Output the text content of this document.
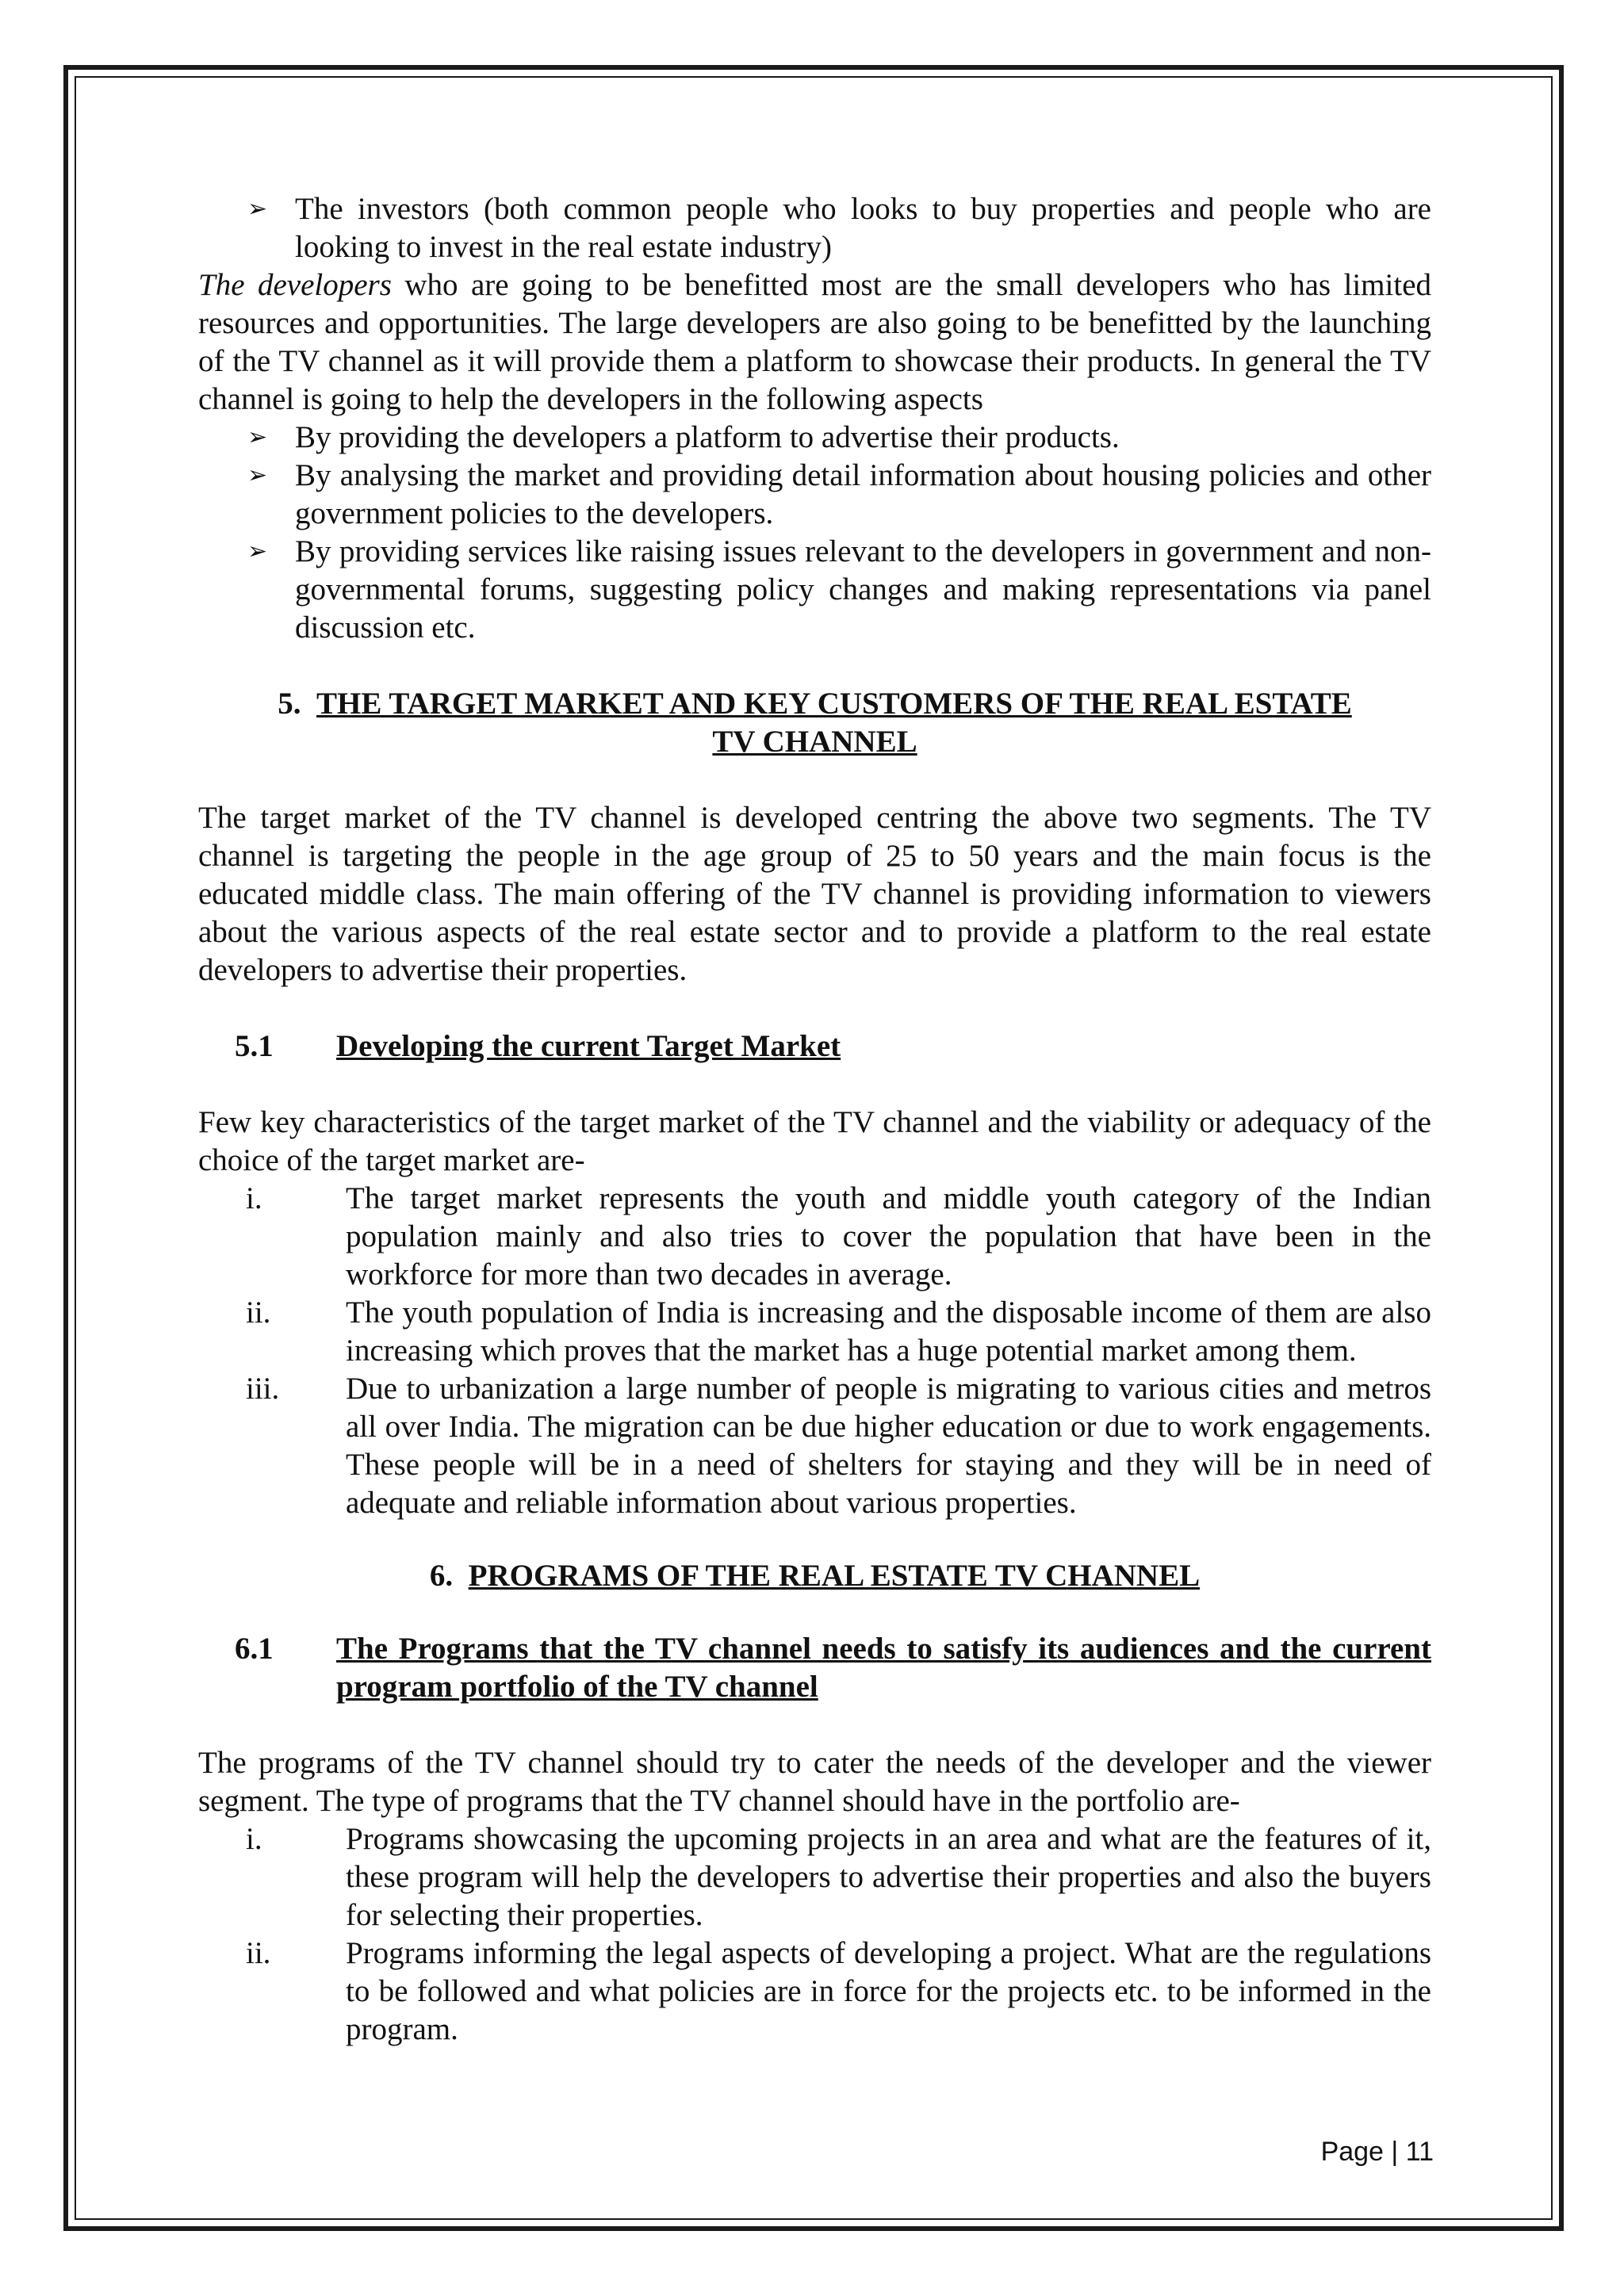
➢ The investors (both common people who looks to buy properties and people who are looking to invest in the real estate industry)

The developers who are going to be benefitted most are the small developers who has limited resources and opportunities. The large developers are also going to be benefitted by the launching of the TV channel as it will provide them a platform to showcase their products. In general the TV channel is going to help the developers in the following aspects

➢ By providing the developers a platform to advertise their products.
➢ By analysing the market and providing detail information about housing policies and other government policies to the developers.
➢ By providing services like raising issues relevant to the developers in government and non-governmental forums, suggesting policy changes and making representations via panel discussion etc.

5. THE TARGET MARKET AND KEY CUSTOMERS OF THE REAL ESTATE
TV CHANNEL

The target market of the TV channel is developed centring the above two segments. The TV channel is targeting the people in the age group of 25 to 50 years and the main focus is the educated middle class. The main offering of the TV channel is providing information to viewers about the various aspects of the real estate sector and to provide a platform to the real estate developers to advertise their properties.

5.1	Developing the current Target Market

Few key characteristics of the target market of the TV channel and the viability or adequacy of the choice of the target market are-

i.	The target market represents the youth and middle youth category of the Indian population mainly and also tries to cover the population that have been in the workforce for more than two decades in average.
ii.	The youth population of India is increasing and the disposable income of them are also increasing which proves that the market has a huge potential market among them.
iii.	Due to urbanization a large number of people is migrating to various cities and metros all over India. The migration can be due higher education or due to work engagements. These people will be in a need of shelters for staying and they will be in need of adequate and reliable information about various properties.

6. PROGRAMS OF THE REAL ESTATE TV CHANNEL

6.1	The Programs that the TV channel needs to satisfy its audiences and the current program portfolio of the TV channel

The programs of the TV channel should try to cater the needs of the developer and the viewer segment. The type of programs that the TV channel should have in the portfolio are-

i.	Programs showcasing the upcoming projects in an area and what are the features of it, these program will help the developers to advertise their properties and also the buyers for selecting their properties.
ii.	Programs informing the legal aspects of developing a project. What are the regulations to be followed and what policies are in force for the projects etc. to be informed in the program.
Page | 11
